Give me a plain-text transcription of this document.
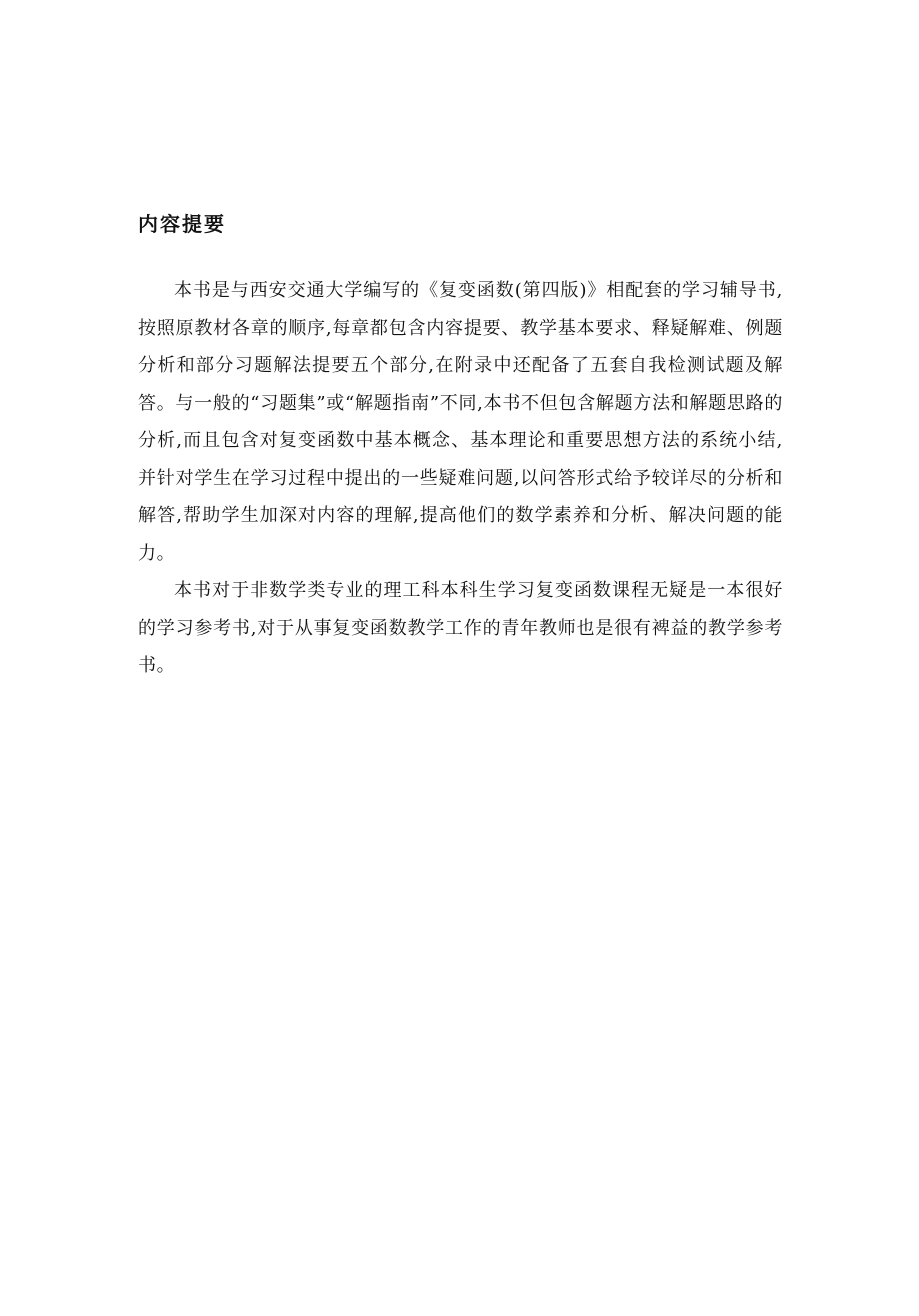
内容提要

本书是与西安交通大学编写的《复变函数(第四版)》相配套的学习辅导书,按照原教材各章的顺序,每章都包含内容提要、教学基本要求、释疑解难、例题分析和部分习题解法提要五个部分,在附录中还配备了五套自我检测试题及解答。与一般的“习题集”或“解题指南”不同,本书不但包含解题方法和解题思路的分析,而且包含对复变函数中基本概念、基本理论和重要思想方法的系统小结,并针对学生在学习过程中提出的一些疑难问题,以问答形式给予较详尽的分析和解答,帮助学生加深对内容的理解,提高他们的数学素养和分析、解决问题的能力。

本书对于非数学类专业的理工科本科生学习复变函数课程无疑是一本很好的学习参考书,对于从事复变函数教学工作的青年教师也是很有裨益的教学参考书。
